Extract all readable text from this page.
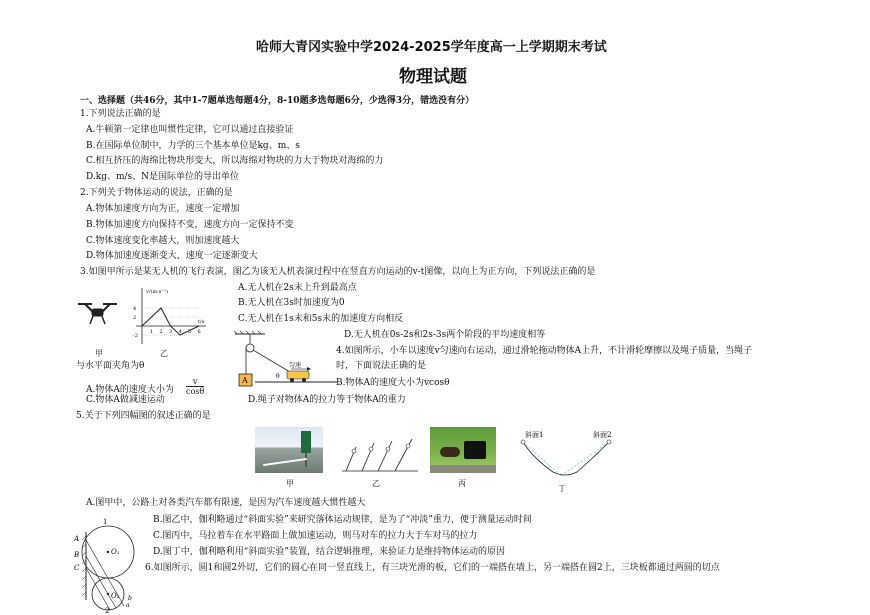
哈师大青冈实验中学2024-2025学年度高一上学期期末考试
物理试题
一、选择题（共46分，其中1-7题单选每题4分，8-10题多选每题6分，少选得3分，错选没有分）
1.下列说法正确的是
A.牛顿第一定律也叫惯性定律，它可以通过直接验证
B.在国际单位制中，力学的三个基本单位是kg、m、s
C.相互挤压的海绵比物块形变大，所以海绵对物块的力大于物块对海绵的力
D.kg、m/s、N是国际单位的导出单位
2.下列关于物体运动的说法，正确的是
A.物体加速度方向为正，速度一定增加
B.物体加速度方向保持不变，速度方向一定保持不变
C.物体速度变化率越大，则加速度越大
D.物体加速度逐渐变大，速度一定逐渐变大
3.如图甲所示是某无人机的飞行表演，图乙为该无人机表演过程中在竖直方向运动的v-t图像，以向上为正方向，下列说法正确的是
甲
v/(m·s⁻¹)
t/s
1 2 3 4 5 6
4
2
-2
乙
A.无人机在2s末上升到最高点
B.无人机在3s时加速度为0
C.无人机在1s末和5s末的加速度方向相反
D.无人机在0s-2s和2s-3s两个阶段的平均速度相等
A
匀速
θ
4.如图所示，小车以速度v匀速向右运动，通过滑轮拖动物体A上升，不计滑轮摩擦以及绳子质量，当绳子
与水平面夹角为θ	时，下面说法正确的是
A.物体A的速度大小为 $\frac{v}{\cos\theta}$	B.物体A的速度大小为vcosθ
C.物体A做减速运动	D.绳子对物体A的拉力等于物体A的重力
5.关于下列四幅图的叙述正确的是
甲	乙	丙
斜面1	斜面2
丁
A.图甲中，公路上对各类汽车都有限速，是因为汽车速度越大惯性越大
B.图乙中，伽利略通过“斜面实验”来研究落体运动规律，是为了“冲淡”重力，便于测量运动时间
C.图丙中，马拉着车在水平路面上做加速运动，则马对车的拉力大于车对马的拉力
D.图丁中，伽利略利用“斜面实验”装置，结合逻辑推理，来验证力是维持物体运动的原因
1
A
B
C
O₁
O₂ b
a
2
6.如图所示，圆1和圆2外切，它们的圆心在同一竖直线上，有三块光滑的板，它们的一端搭在墙上，另一端搭在圆2上，三块板都通过两圆的切点
